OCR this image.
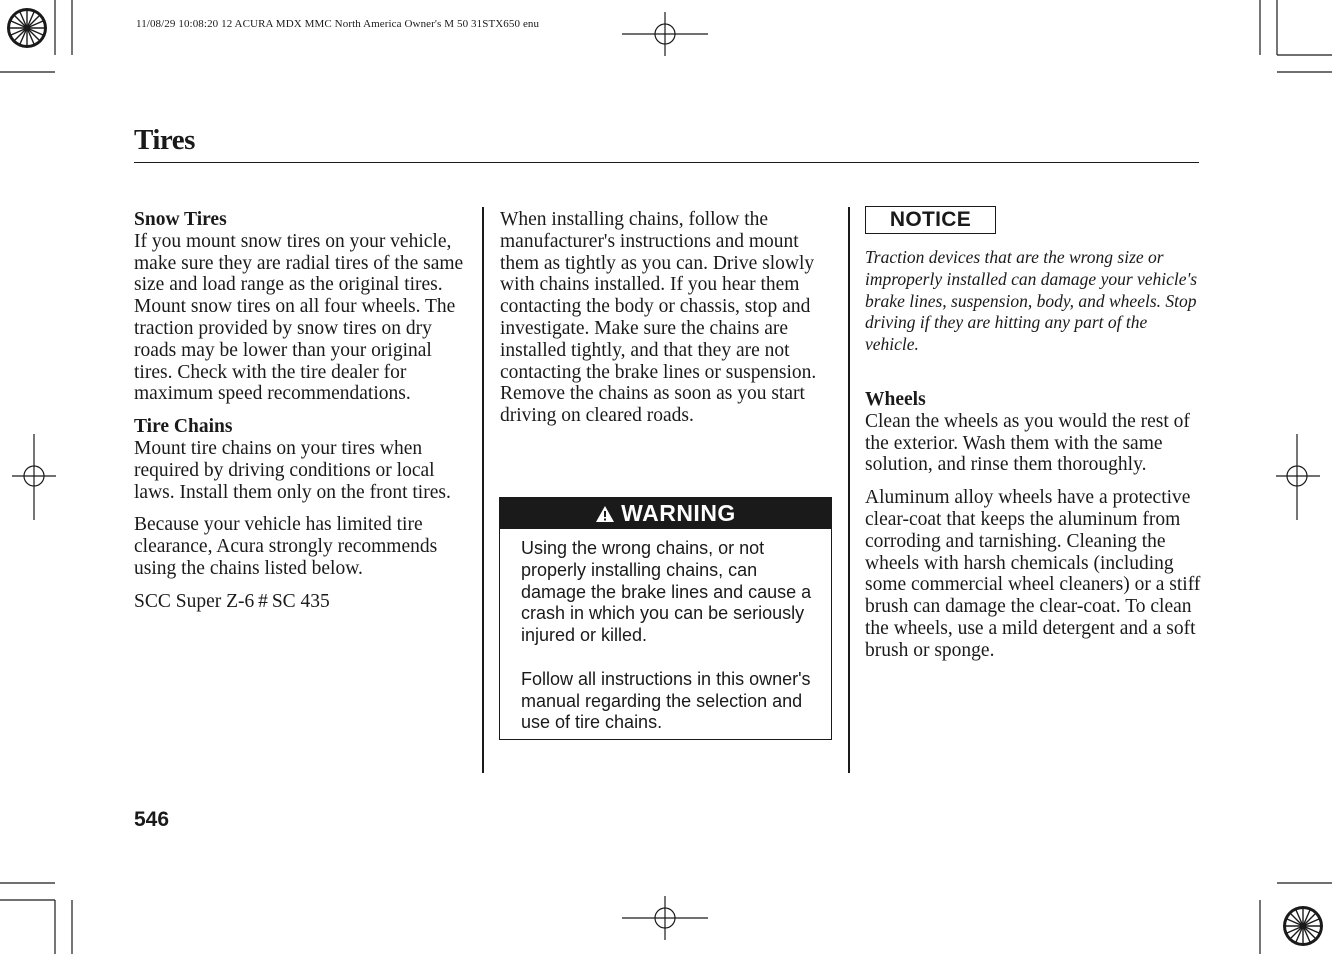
11/08/29 10:08:20 12 ACURA MDX MMC North America Owner's M 50 31STX650 enu
Tires
Snow Tires
If you mount snow tires on your vehicle, make sure they are radial tires of the same size and load range as the original tires. Mount snow tires on all four wheels. The traction provided by snow tires on dry roads may be lower than your original tires. Check with the tire dealer for maximum speed recommendations.
Tire Chains
Mount tire chains on your tires when required by driving conditions or local laws. Install them only on the front tires.

Because your vehicle has limited tire clearance, Acura strongly recommends using the chains listed below.

SCC Super Z-6 # SC 435

When installing chains, follow the manufacturer's instructions and mount them as tightly as you can. Drive slowly with chains installed. If you hear them contacting the body or chassis, stop and investigate. Make sure the chains are installed tightly, and that they are not contacting the brake lines or suspension. Remove the chains as soon as you start driving on cleared roads.

WARNING

Using the wrong chains, or not properly installing chains, can damage the brake lines and cause a crash in which you can be seriously injured or killed.

Follow all instructions in this owner's manual regarding the selection and use of tire chains.

NOTICE
Traction devices that are the wrong size or improperly installed can damage your vehicle's brake lines, suspension, body, and wheels. Stop driving if they are hitting any part of the vehicle.
Wheels

Clean the wheels as you would the rest of the exterior. Wash them with the same solution, and rinse them thoroughly.

Aluminum alloy wheels have a protective clear-coat that keeps the aluminum from corroding and tarnishing. Cleaning the wheels with harsh chemicals (including some commercial wheel cleaners) or a stiff brush can damage the clear-coat. To clean the wheels, use a mild detergent and a soft brush or sponge.

546
